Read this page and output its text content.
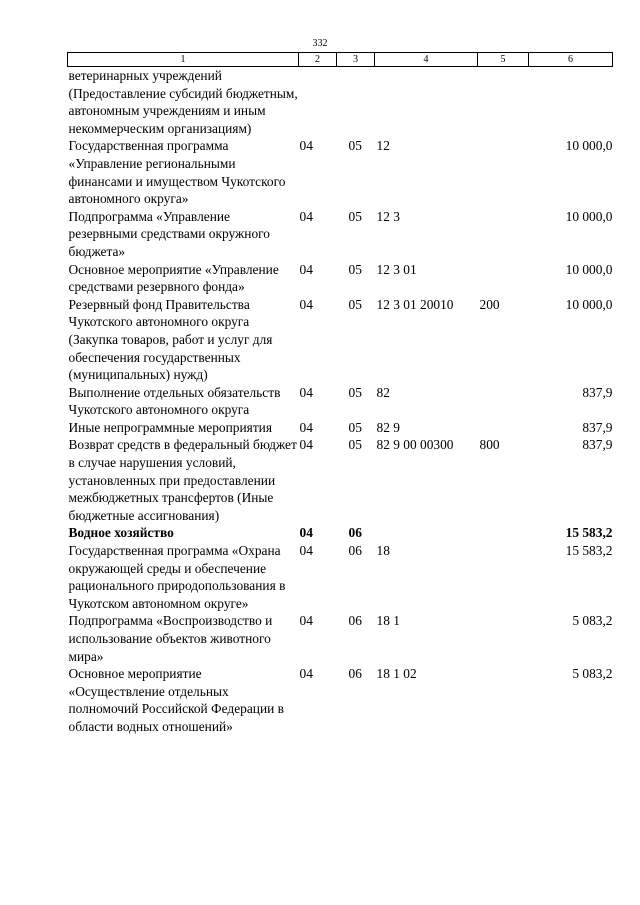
332
1	2	3	4	5	6
ветеринарных учреждений (Предоставление субсидий бюджетным, автономным учреждениям и иным некоммерческим организациям)					
Государственная программа «Управление региональными финансами и имуществом Чукотского автономного округа»	04	05	12		10 000,0
Подпрограмма «Управление резервными средствами окружного бюджета»	04	05	12 3		10 000,0
Основное мероприятие «Управление средствами резервного фонда»	04	05	12 3 01		10 000,0
Резервный фонд Правительства Чукотского автономного округа (Закупка товаров, работ и услуг для обеспечения государственных (муниципальных) нужд)	04	05	12 3 01 20010	200	10 000,0
Выполнение отдельных обязательств Чукотского автономного округа	04	05	82		837,9
Иные непрограммные мероприятия	04	05	82 9		837,9
Возврат средств в федеральный бюджет в случае нарушения условий, установленных при предоставлении межбюджетных трансфертов (Иные бюджетные ассигнования)	04	05	82 9 00 00300	800	837,9
Водное хозяйство	04	06			15 583,2
Государственная программа «Охрана окружающей среды и обеспечение рационального природопользования в Чукотском автономном округе»	04	06	18		15 583,2
Подпрограмма «Воспроизводство и использование объектов животного мира»	04	06	18 1		5 083,2
Основное мероприятие «Осуществление отдельных полномочий Российской Федерации в области водных отношений»	04	06	18 1 02		5 083,2
